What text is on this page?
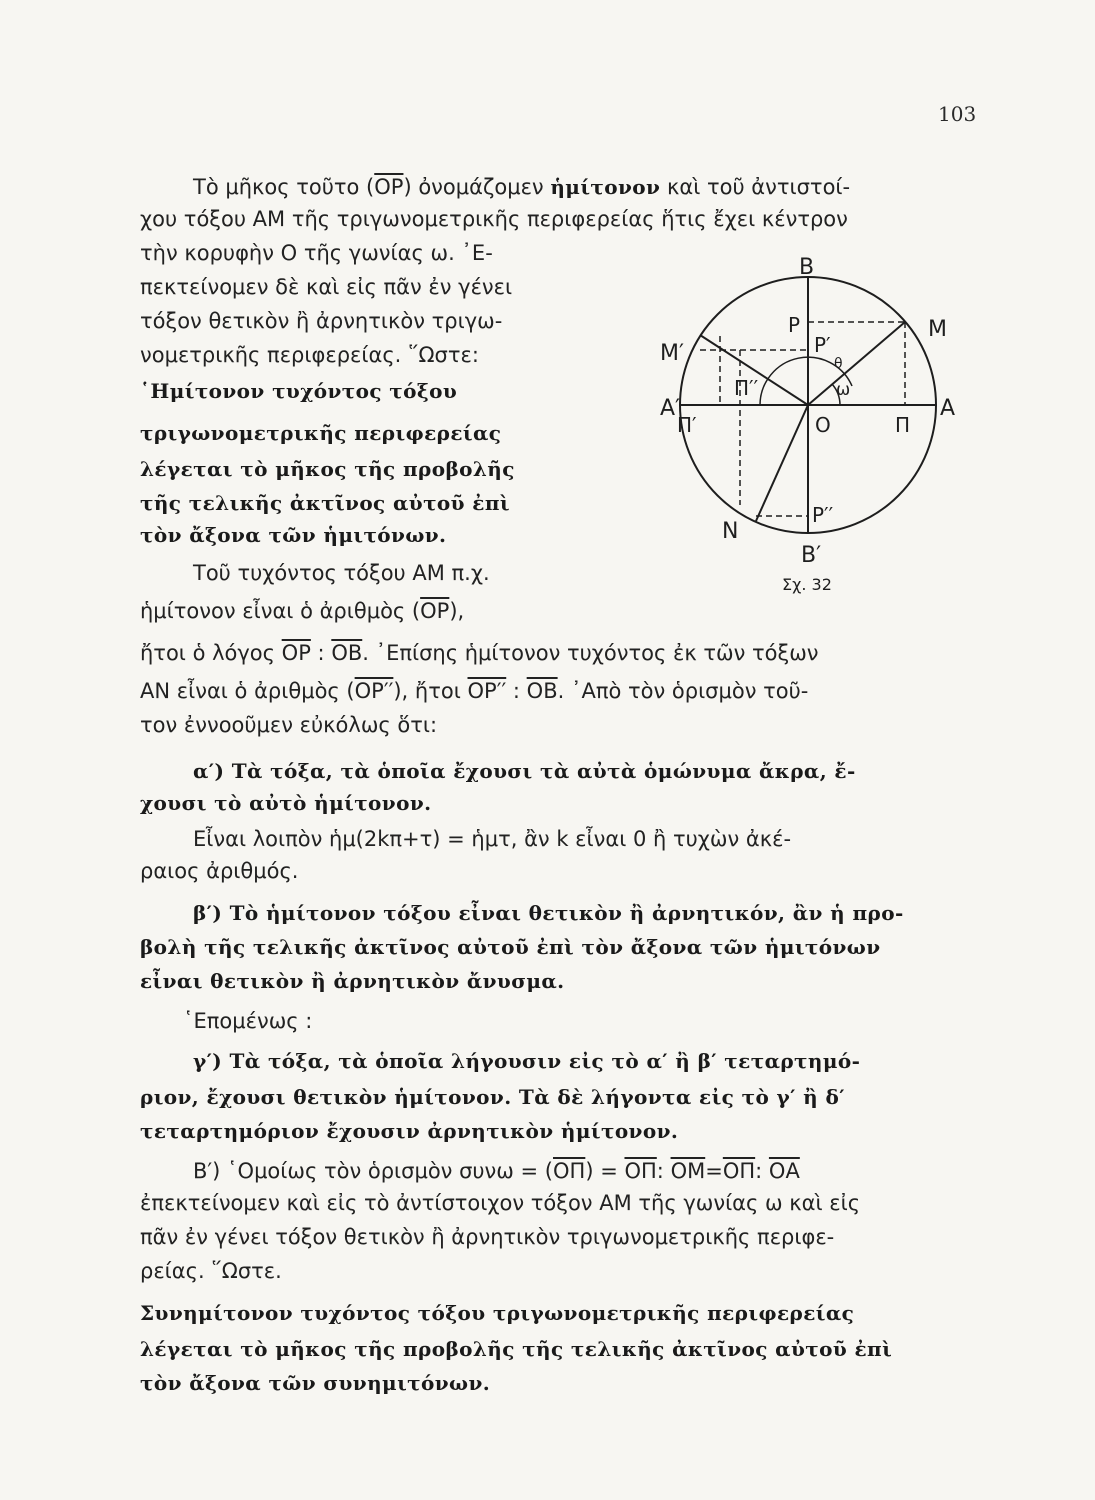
103
Τὸ μῆκος τοῦτο $(\overline{OP})$ ὀνομάζομεν ἡμίτονον καὶ τοῦ ἀντιστοί-
χου τόξου ΑΜ τῆς τριγωνομετρικῆς περιφερείας ἥτις ἔχει κέντρον
τὴν κορυφὴν Ο τῆς γωνίας ω. ᾿Ε-
πεκτείνομεν δὲ καὶ εἰς πᾶν ἐν γένει
τόξον θετικὸν ἢ ἀρνητικὸν τριγω-
νομετρικῆς περιφερείας. ῞Ωστε:
῾Ημίτονον τυχόντος τόξου
τριγωνομετρικῆς περιφερείας
λέγεται τὸ μῆκος τῆς προβολῆς
τῆς τελικῆς ἀκτῖνος αὐτοῦ ἐπὶ
τὸν ἄξονα τῶν ἡμιτόνων.
Τοῦ τυχόντος τόξου ΑΜ π.χ.
ἡμίτονον εἶναι ὁ ἀριθμὸς $(\overline{OP})$,
ἤτοι ὁ λόγος $\overline{OP}$ : $\overline{OB}$. ᾿Επίσης ἡμίτονον τυχόντος ἐκ τῶν τόξων
ΑΝ εἶναι ὁ ἀριθμὸς (OP′′), ἤτοι OP′′ : $\overline{OB}$. ᾿Απὸ τὸν ὁρισμὸν τοῦ-
τον ἐννοοῦμεν εὐκόλως ὅτι:
α′) Τὰ τόξα, τὰ ὁποῖα ἔχουσι τὰ αὐτὰ ὁμώνυμα ἄκρα, ἔ-
χουσι τὸ αὐτὸ ἡμίτονον.
Εἶναι λοιπὸν ἡμ(2kπ+τ) = ἡμτ, ἂν k εἶναι 0 ἢ τυχὼν ἀκέ-
ραιος ἀριθμός.
β′) Τὸ ἡμίτονον τόξου εἶναι θετικὸν ἢ ἀρνητικόν, ἂν ἡ προ-
βολὴ τῆς τελικῆς ἀκτῖνος αὐτοῦ ἐπὶ τὸν ἄξονα τῶν ἡμιτόνων
εἶναι θετικὸν ἢ ἀρνητικὸν ἄνυσμα.
῾Επομένως :
γ′) Τὰ τόξα, τὰ ὁποῖα λήγουσιν εἰς τὸ α′ ἢ β′ τεταρτημό-
ριον, ἔχουσι θετικὸν ἡμίτονον. Τὰ δὲ λήγοντα εἰς τὸ γ′ ἢ δ′
τεταρτημόριον ἔχουσιν ἀρνητικὸν ἡμίτονον.
Β′) ῾Ομοίως τὸν ὁρισμὸν $\sigma\upsilon\nu\omega = (\overline{O\Pi}) = \overline{O\Pi}$: $\overline{OM}=\overline{O\Pi}$: $\overline{OA}$
ἐπεκτείνομεν καὶ εἰς τὸ ἀντίστοιχον τόξον ΑΜ τῆς γωνίας ω καὶ εἰς
πᾶν ἐν γένει τόξον θετικὸν ἢ ἀρνητικὸν τριγωνομετρικῆς περιφε-
ρείας. ῞Ωστε.
Συνημίτονον τυχόντος τόξου τριγωνομετρικῆς περιφερείας
λέγεται τὸ μῆκος τῆς προβολῆς τῆς τελικῆς ἀκτῖνος αὐτοῦ ἐπὶ
τὸν ἄξονα τῶν συνημιτόνων.
B
M
M′
A
A′
P
P′
θ
Π′′	ω
Π′	O	Π
P′′
N
B′
Σχ. 32
